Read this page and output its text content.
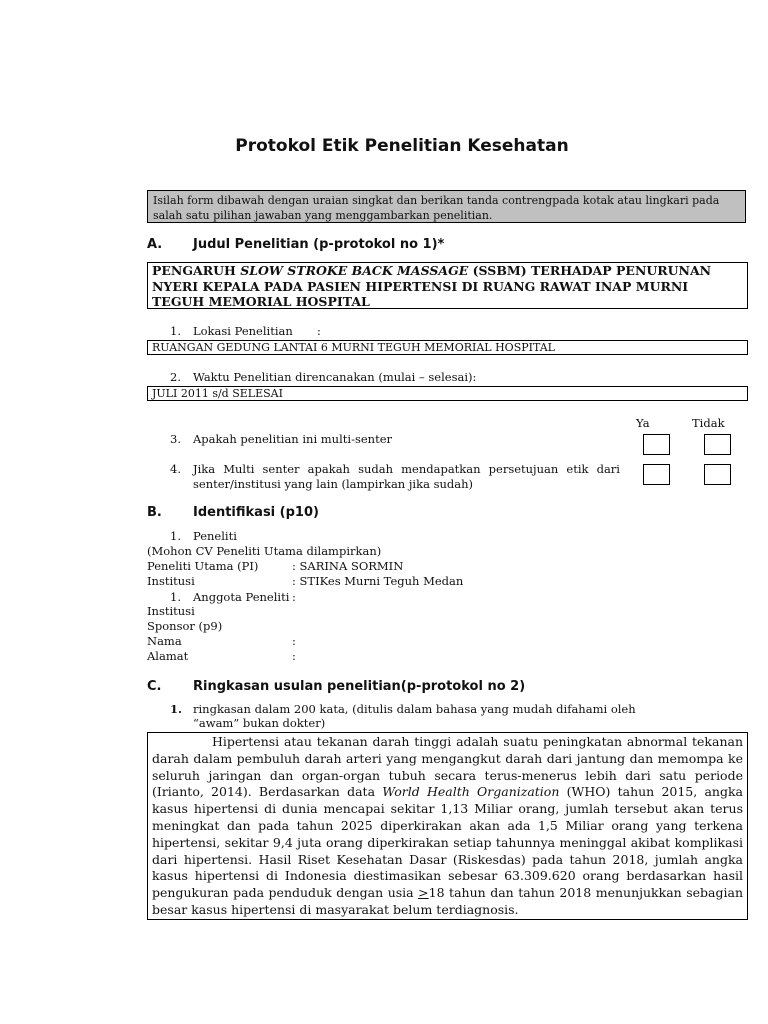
Protokol Etik Penelitian Kesehatan
Isilah form dibawah dengan uraian singkat dan berikan tanda contrengpada kotak atau lingkari pada salah satu pilihan jawaban yang menggambarkan penelitian.
A. Judul Penelitian (p-protokol no 1)*
PENGARUH SLOW STROKE BACK MASSAGE (SSBM) TERHADAP PENURUNAN NYERI KEPALA PADA PASIEN HIPERTENSI DI RUANG RAWAT INAP MURNI TEGUH MEMORIAL HOSPITAL
1. Lokasi Penelitian :
RUANGAN GEDUNG LANTAI 6 MURNI TEGUH MEMORIAL HOSPITAL
2. Waktu Penelitian direncanakan (mulai – selesai):
JULI 2011 s/d SELESAI
Ya	Tidak
3. Apakah penelitian ini multi-senter
4. Jika Multi senter apakah sudah mendapatkan persetujuan etik dari senter/institusi yang lain (lampirkan jika sudah)
B. Identifikasi (p10)
1. Peneliti
(Mohon CV Peneliti Utama dilampirkan)
Peneliti Utama (PI)	: SARINA SORMIN
Institusi	: STIKes Murni Teguh Medan
1. Anggota Peneliti :
Institusi
Sponsor (p9)
Nama	:
Alamat	:
C. Ringkasan usulan penelitian(p-protokol no 2)
1. ringkasan dalam 200 kata, (ditulis dalam bahasa yang mudah difahami oleh
“awam” bukan dokter)
Hipertensi atau tekanan darah tinggi adalah suatu peningkatan abnormal tekanan darah dalam pembuluh darah arteri yang mengangkut darah dari jantung dan memompa ke seluruh jaringan dan organ-organ tubuh secara terus-menerus lebih dari satu periode (Irianto, 2014). Berdasarkan data World Health Organization (WHO) tahun 2015, angka kasus hipertensi di dunia mencapai sekitar 1,13 Miliar orang, jumlah tersebut akan terus meningkat dan pada tahun 2025 diperkirakan akan ada 1,5 Miliar orang yang terkena hipertensi, sekitar 9,4 juta orang diperkirakan setiap tahunnya meninggal akibat komplikasi dari hipertensi. Hasil Riset Kesehatan Dasar (Riskesdas) pada tahun 2018, jumlah angka kasus hipertensi di Indonesia diestimasikan sebesar 63.309.620 orang berdasarkan hasil pengukuran pada penduduk dengan usia >18 tahun dan tahun 2018 menunjukkan sebagian besar kasus hipertensi di masyarakat belum terdiagnosis.
